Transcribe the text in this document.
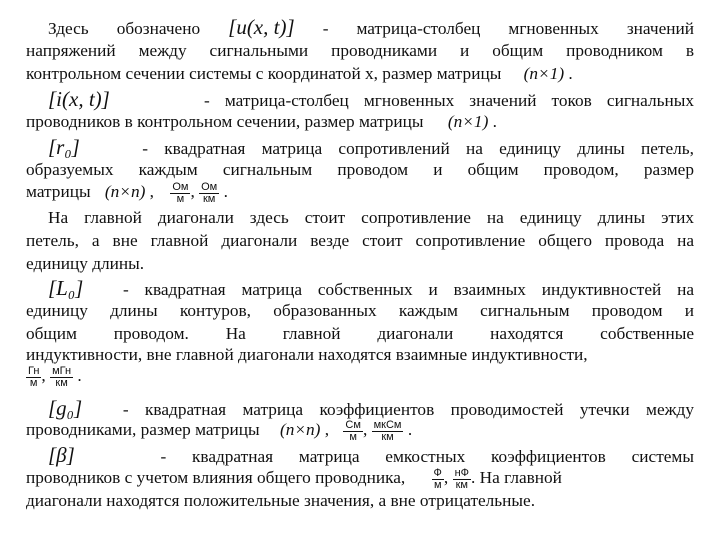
Здесь обозначено [u(x, t)] - матрица-столбец мгновенных значений
напряжений между сигнальными проводниками и общим проводником в
контрольном сечении системы с координатой x, размер матрицы (n×1) .
[i(x, t)]	- матрица-столбец мгновенных значений токов сигнальных
проводников в контрольном сечении, размер матрицы (n×1) .
[r₀]	- квадратная матрица сопротивлений на единицу длины петель,
образуемых каждым сигнальным проводом и общим проводом, размер
матрицы (n×n) , $\frac{Ом}{м}$ , $\frac{Ом}{км}$ .
На главной диагонали здесь стоит сопротивление на единицу длины этих
петель, а вне главной диагонали везде стоит сопротивление общего провода на
единицу длины.
[L₀] - квадратная матрица собственных и взаимных индуктивностей на
единицу длины контуров, образованных каждым сигнальным проводом и
общим проводом. На главной диагонали находятся собственные
индуктивности, вне главной диагонали находятся взаимные индуктивности,
$\frac{Гн}{м}$ , $\frac{\text{мГн}}{км}$ .
[g₀] - квадратная матрица коэффициентов проводимостей утечки между
проводниками, размер матрицы (n×n) , $\frac{См}{м}$ , $\frac{\text{мкСм}}{км}$ .
[β]	- квадратная матрица емкостных коэффициентов системы
проводников с учетом влияния общего проводника, $\frac{Ф}{м}$ , $\frac{нФ}{км}$ . На главной
диагонали находятся положительные значения, а вне отрицательные.
